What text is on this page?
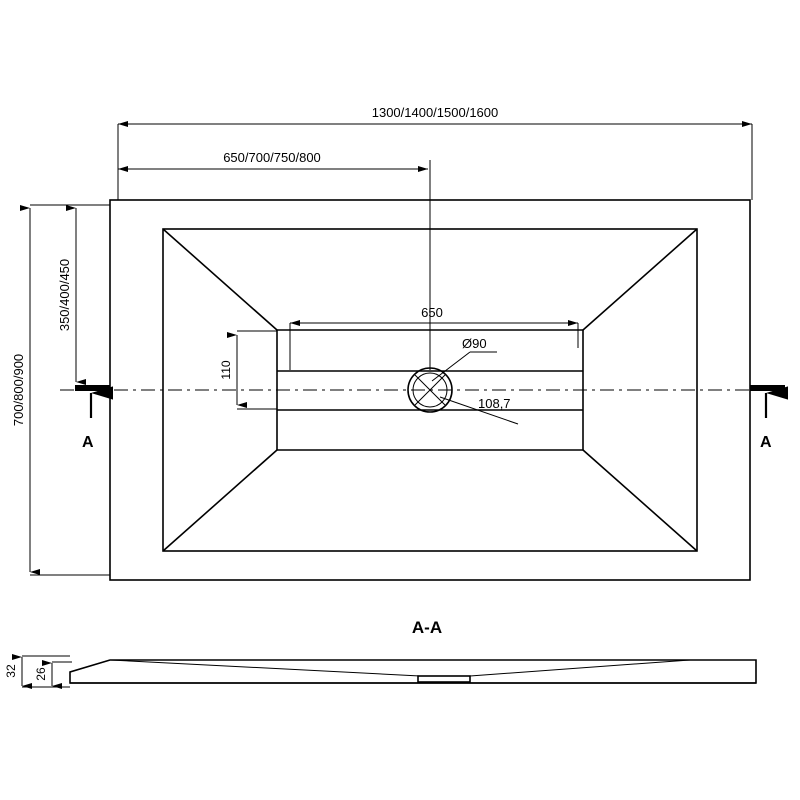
A	A
1300/1400/1500/1600
650/700/750/800
650
700/800/900
350/400/450
110
Ø90
108,7
A-A
32 26
